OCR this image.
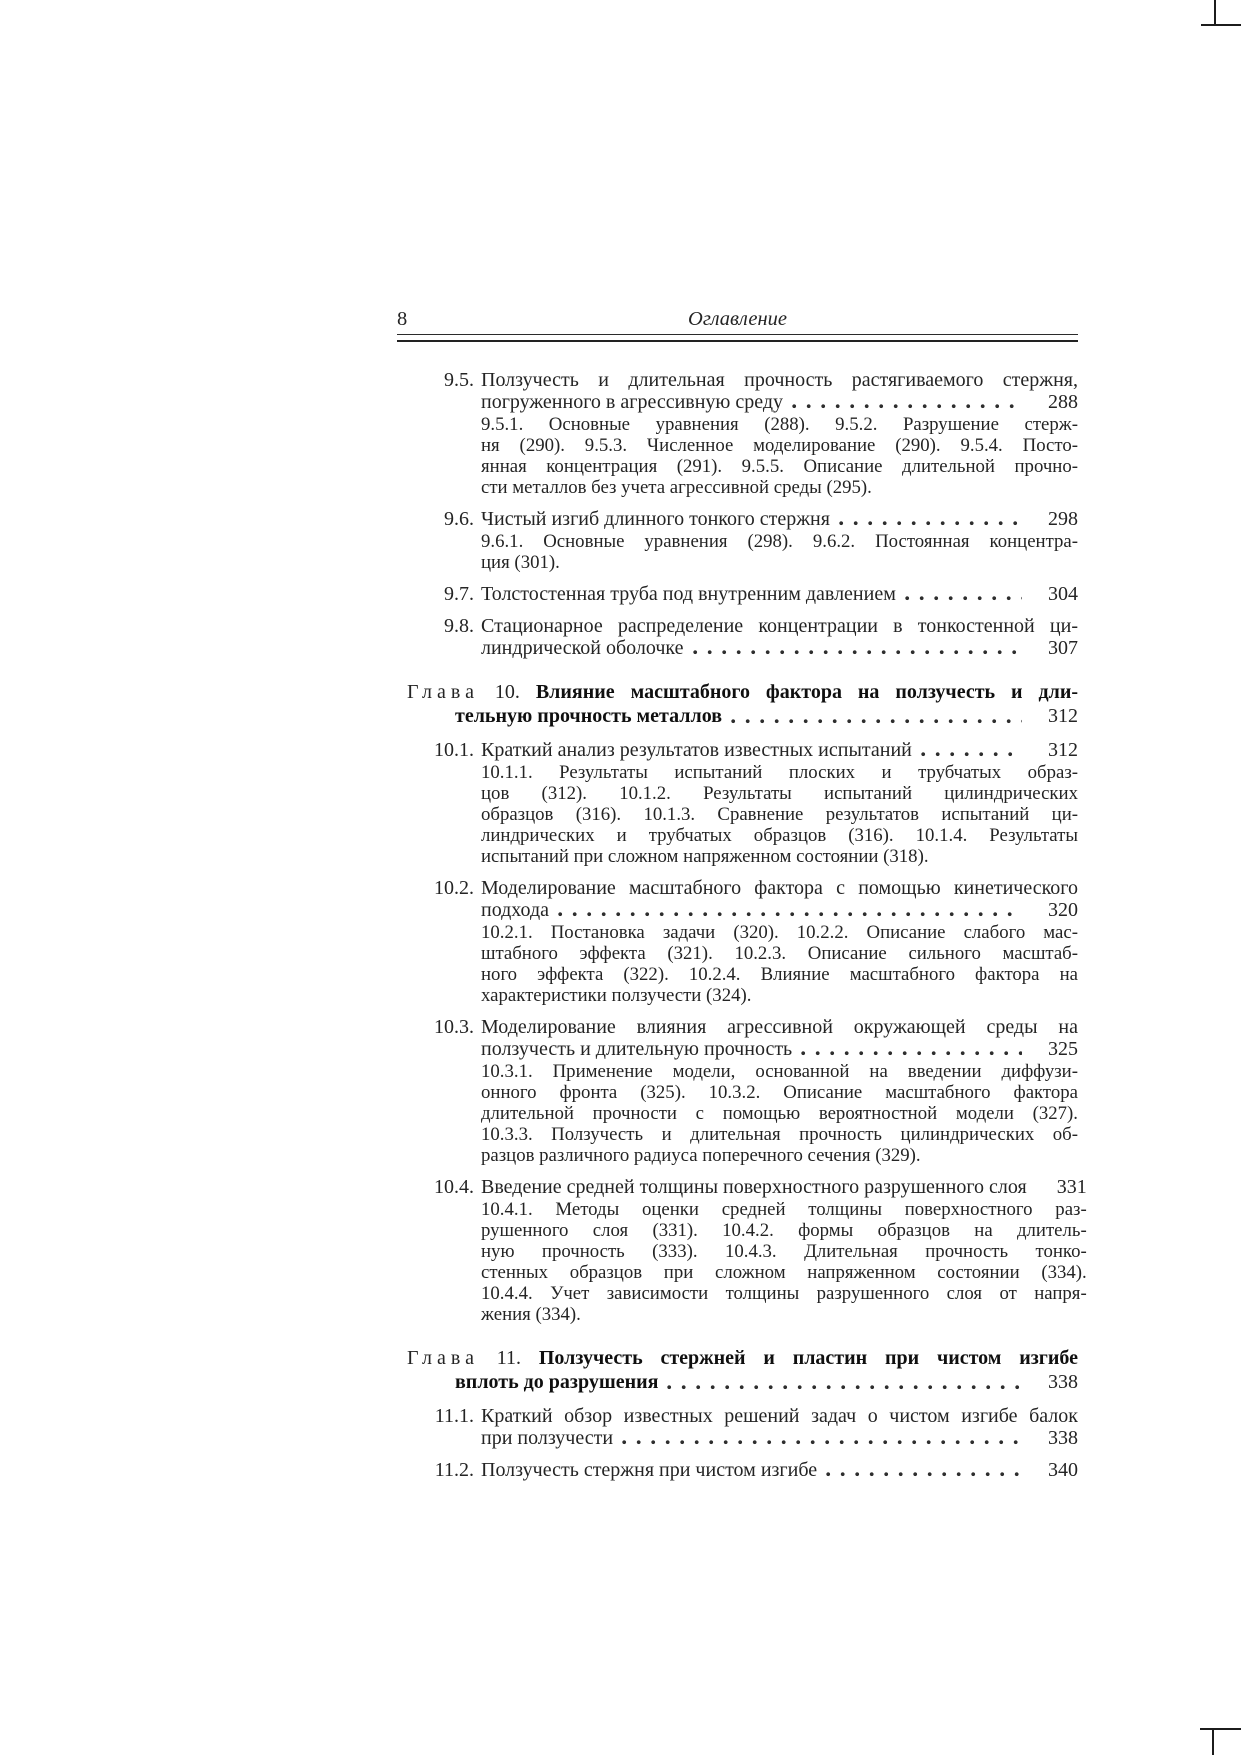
8	Оглавление
9.5. Ползучесть и длительная прочность растягиваемого стержня,
погруженного в агрессивную среду	288
9.5.1. Основные уравнения (288). 9.5.2. Разрушение стерж-
ня (290). 9.5.3. Численное моделирование (290). 9.5.4. Посто-
янная концентрация (291). 9.5.5. Описание длительной прочно-
сти металлов без учета агрессивной среды (295).
9.6. Чистый изгиб длинного тонкого стержня	298
9.6.1. Основные уравнения (298). 9.6.2. Постоянная концентра-
ция (301).
9.7. Толстостенная труба под внутренним давлением	304
9.8. Стационарное распределение концентрации в тонкостенной ци-
линдрической оболочке	307
Глава 10. Влияние масштабного фактора на ползучесть и дли-
тельную прочность металлов	312
10.1. Краткий анализ результатов известных испытаний	312
10.1.1. Результаты испытаний плоских и трубчатых образ-
цов (312). 10.1.2. Результаты испытаний цилиндрических
образцов (316). 10.1.3. Сравнение результатов испытаний ци-
линдрических и трубчатых образцов (316). 10.1.4. Результаты
испытаний при сложном напряженном состоянии (318).
10.2. Моделирование масштабного фактора с помощью кинетического
подхода	320
10.2.1. Постановка задачи (320). 10.2.2. Описание слабого мас-
штабного эффекта (321). 10.2.3. Описание сильного масштаб-
ного эффекта (322). 10.2.4. Влияние масштабного фактора на
характеристики ползучести (324).
10.3. Моделирование влияния агрессивной окружающей среды на
ползучесть и длительную прочность	325
10.3.1. Применение модели, основанной на введении диффузи-
онного фронта (325). 10.3.2. Описание масштабного фактора
длительной прочности с помощью вероятностной модели (327).
10.3.3. Ползучесть и длительная прочность цилиндрических об-
разцов различного радиуса поперечного сечения (329).
10.4. Введение средней толщины поверхностного разрушенного слоя	331
10.4.1. Методы оценки средней толщины поверхностного раз-
рушенного слоя (331). 10.4.2. формы образцов на длитель-
ную прочность (333). 10.4.3. Длительная прочность тонко-
стенных образцов при сложном напряженном состоянии (334).
10.4.4. Учет зависимости толщины разрушенного слоя от напря-
жения (334).
Глава 11. Ползучесть стержней и пластин при чистом изгибе
вплоть до разрушения	338
11.1. Краткий обзор известных решений задач о чистом изгибе балок
при ползучести	338
11.2. Ползучесть стержня при чистом изгибе	340
